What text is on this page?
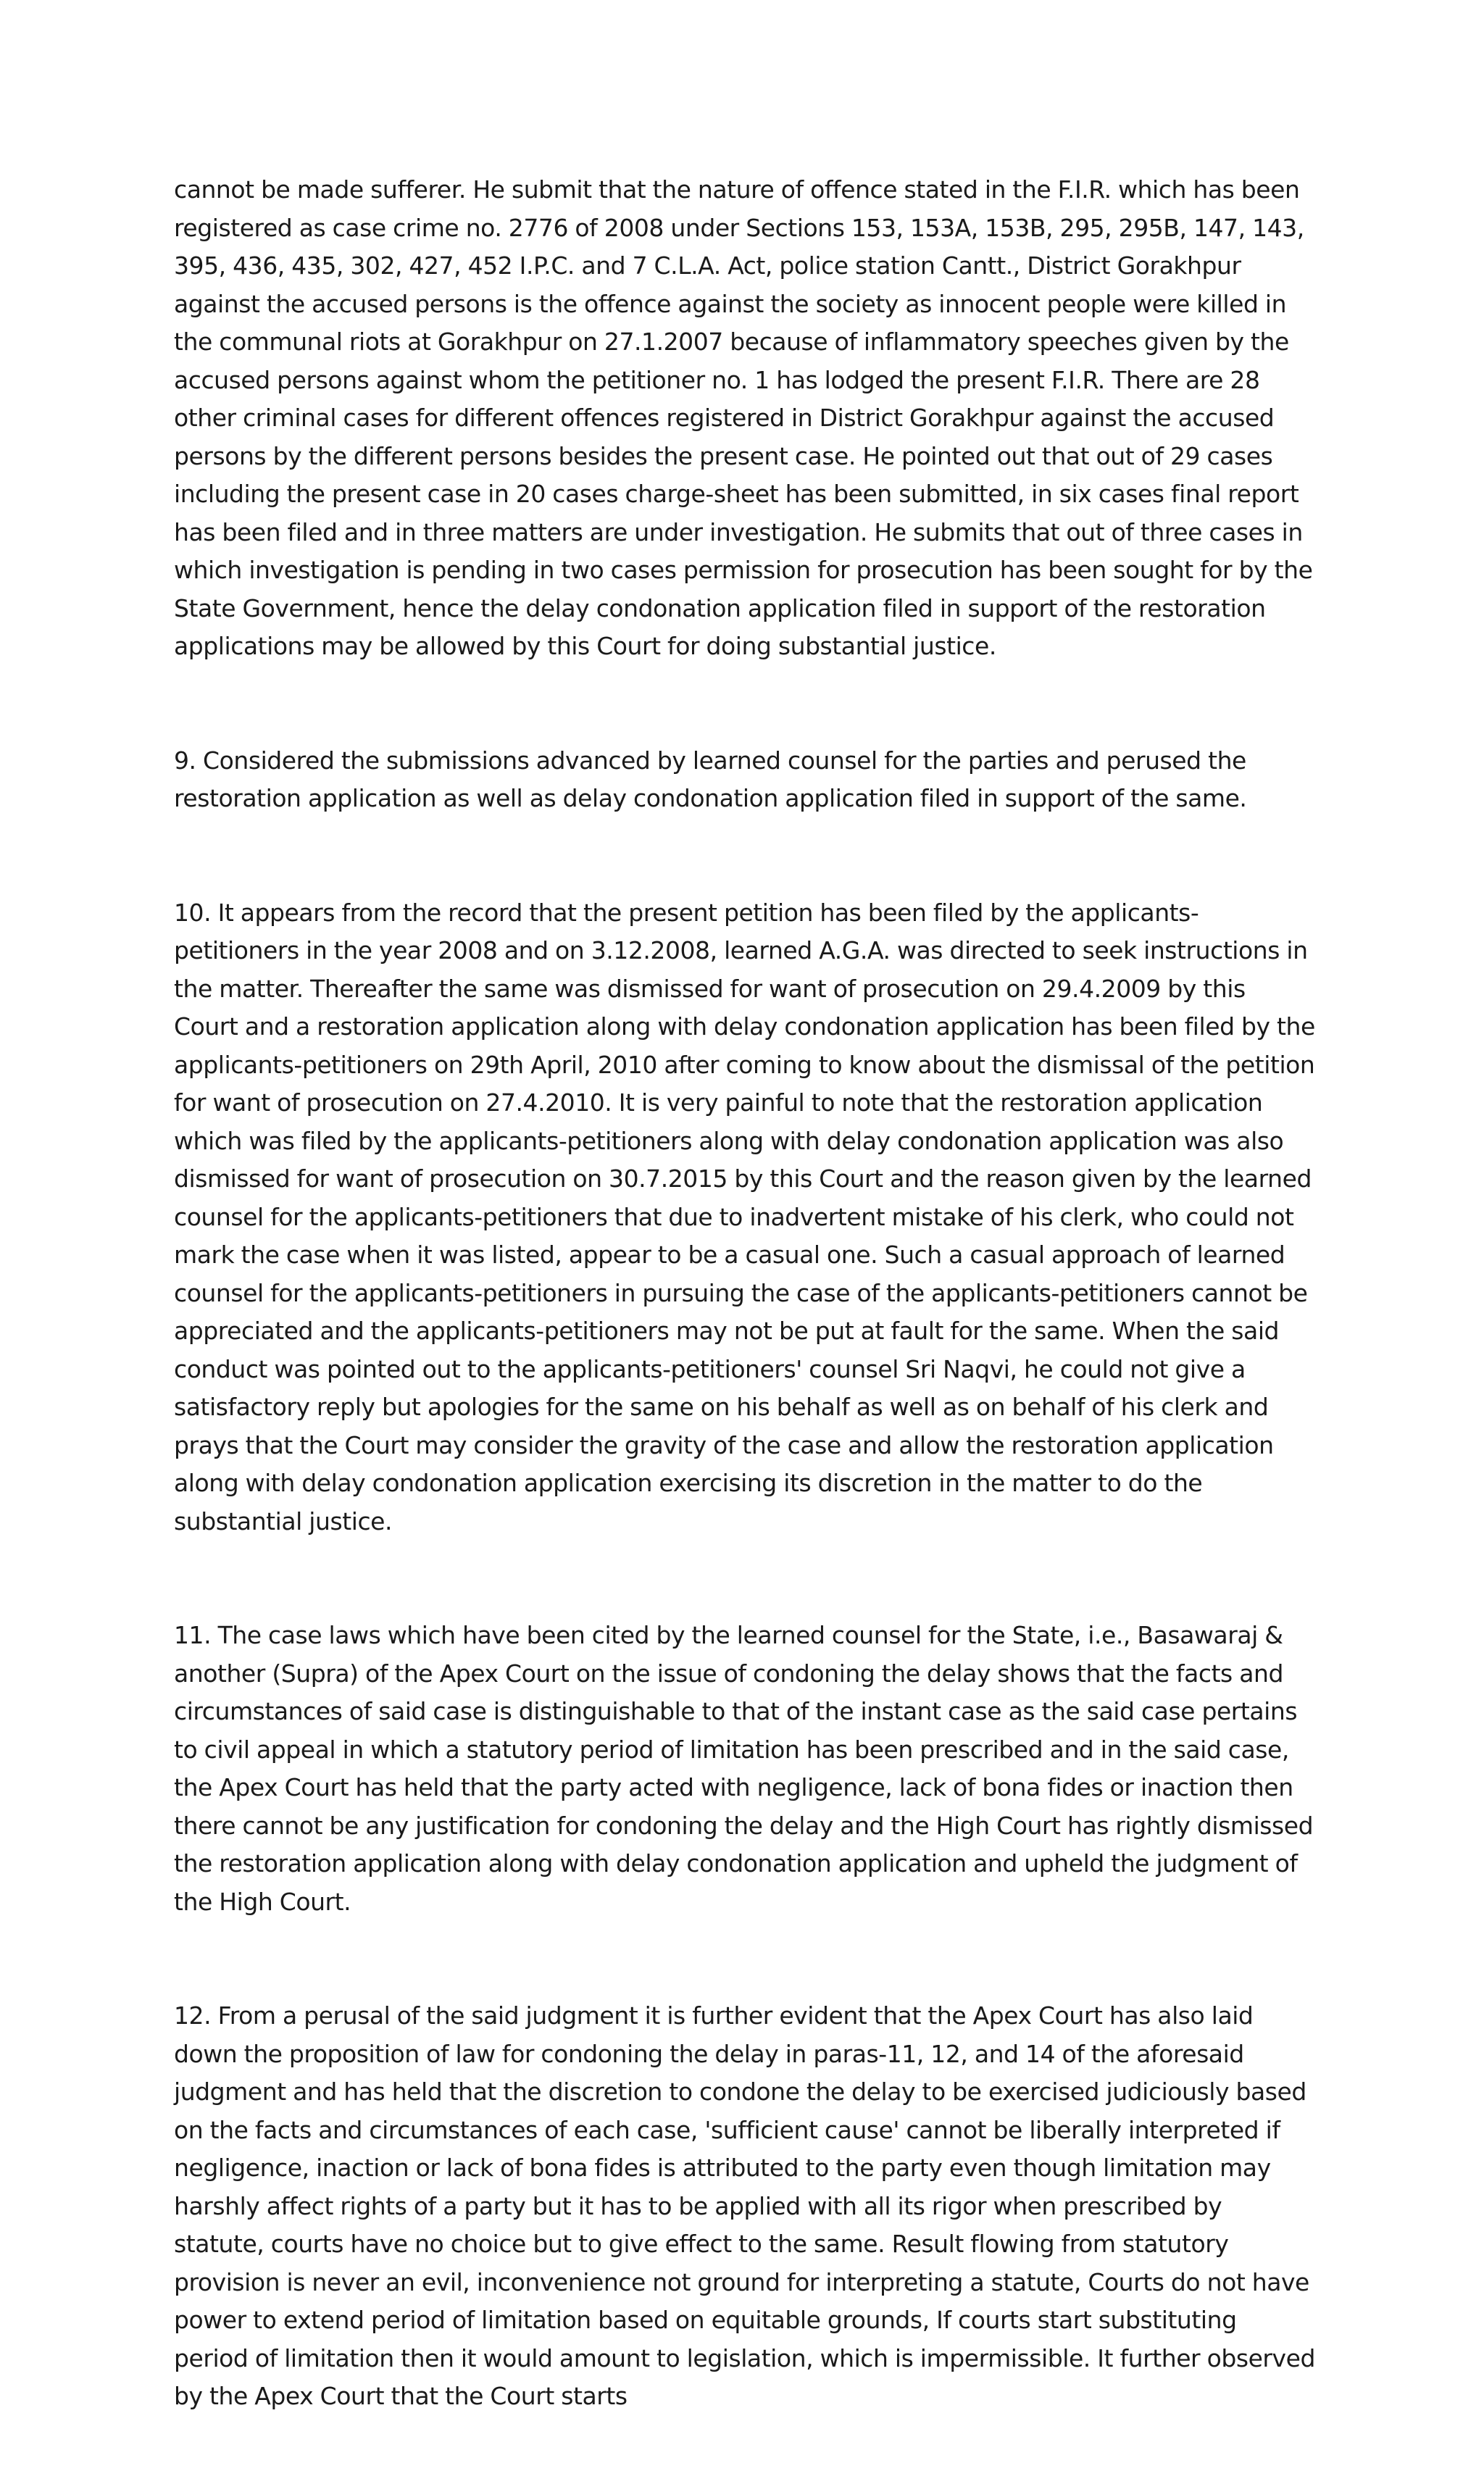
cannot be made sufferer. He submit that the nature of offence stated in the F.I.R. which has been registered as case crime no. 2776 of 2008 under Sections 153, 153A, 153B, 295, 295B, 147, 143, 395, 436, 435, 302, 427, 452 I.P.C. and 7 C.L.A. Act, police station Cantt., District Gorakhpur against the accused persons is the offence against the society as innocent people were killed in the communal riots at Gorakhpur on 27.1.2007 because of inflammatory speeches given by the accused persons against whom the petitioner no. 1 has lodged the present F.I.R. There are 28 other criminal cases for different offences registered in District Gorakhpur against the accused persons by the different persons besides the present case. He pointed out that out of 29 cases including the present case in 20 cases charge-sheet has been submitted, in six cases final report has been filed and in three matters are under investigation. He submits that out of three cases in which investigation is pending in two cases permission for prosecution has been sought for by the State Government, hence the delay condonation application filed in support of the restoration applications may be allowed by this Court for doing substantial justice.

9. Considered the submissions advanced by learned counsel for the parties and perused the restoration application as well as delay condonation application filed in support of the same.

10. It appears from the record that the present petition has been filed by the applicants-petitioners in the year 2008 and on 3.12.2008, learned A.G.A. was directed to seek instructions in the matter. Thereafter the same was dismissed for want of prosecution on 29.4.2009 by this Court and a restoration application along with delay condonation application has been filed by the applicants-petitioners on 29th April, 2010 after coming to know about the dismissal of the petition for want of prosecution on 27.4.2010. It is very painful to note that the restoration application which was filed by the applicants-petitioners along with delay condonation application was also dismissed for want of prosecution on 30.7.2015 by this Court and the reason given by the learned counsel for the applicants-petitioners that due to inadvertent mistake of his clerk, who could not mark the case when it was listed, appear to be a casual one. Such a casual approach of learned counsel for the applicants-petitioners in pursuing the case of the applicants-petitioners cannot be appreciated and the applicants-petitioners may not be put at fault for the same. When the said conduct was pointed out to the applicants-petitioners' counsel Sri Naqvi, he could not give a satisfactory reply but apologies for the same on his behalf as well as on behalf of his clerk and prays that the Court may consider the gravity of the case and allow the restoration application along with delay condonation application exercising its discretion in the matter to do the substantial justice.

11. The case laws which have been cited by the learned counsel for the State, i.e., Basawaraj & another (Supra) of the Apex Court on the issue of condoning the delay shows that the facts and circumstances of said case is distinguishable to that of the instant case as the said case pertains to civil appeal in which a statutory period of limitation has been prescribed and in the said case, the Apex Court has held that the party acted with negligence, lack of bona fides or inaction then there cannot be any justification for condoning the delay and the High Court has rightly dismissed the restoration application along with delay condonation application and upheld the judgment of the High Court.

12. From a perusal of the said judgment it is further evident that the Apex Court has also laid down the proposition of law for condoning the delay in paras-11, 12, and 14 of the aforesaid judgment and has held that the discretion to condone the delay to be exercised judiciously based on the facts and circumstances of each case, 'sufficient cause' cannot be liberally interpreted if negligence, inaction or lack of bona fides is attributed to the party even though limitation may harshly affect rights of a party but it has to be applied with all its rigor when prescribed by statute, courts have no choice but to give effect to the same. Result flowing from statutory provision is never an evil, inconvenience not ground for interpreting a statute, Courts do not have power to extend period of limitation based on equitable grounds, If courts start substituting period of limitation then it would amount to legislation, which is impermissible. It further observed by the Apex Court that the Court starts
